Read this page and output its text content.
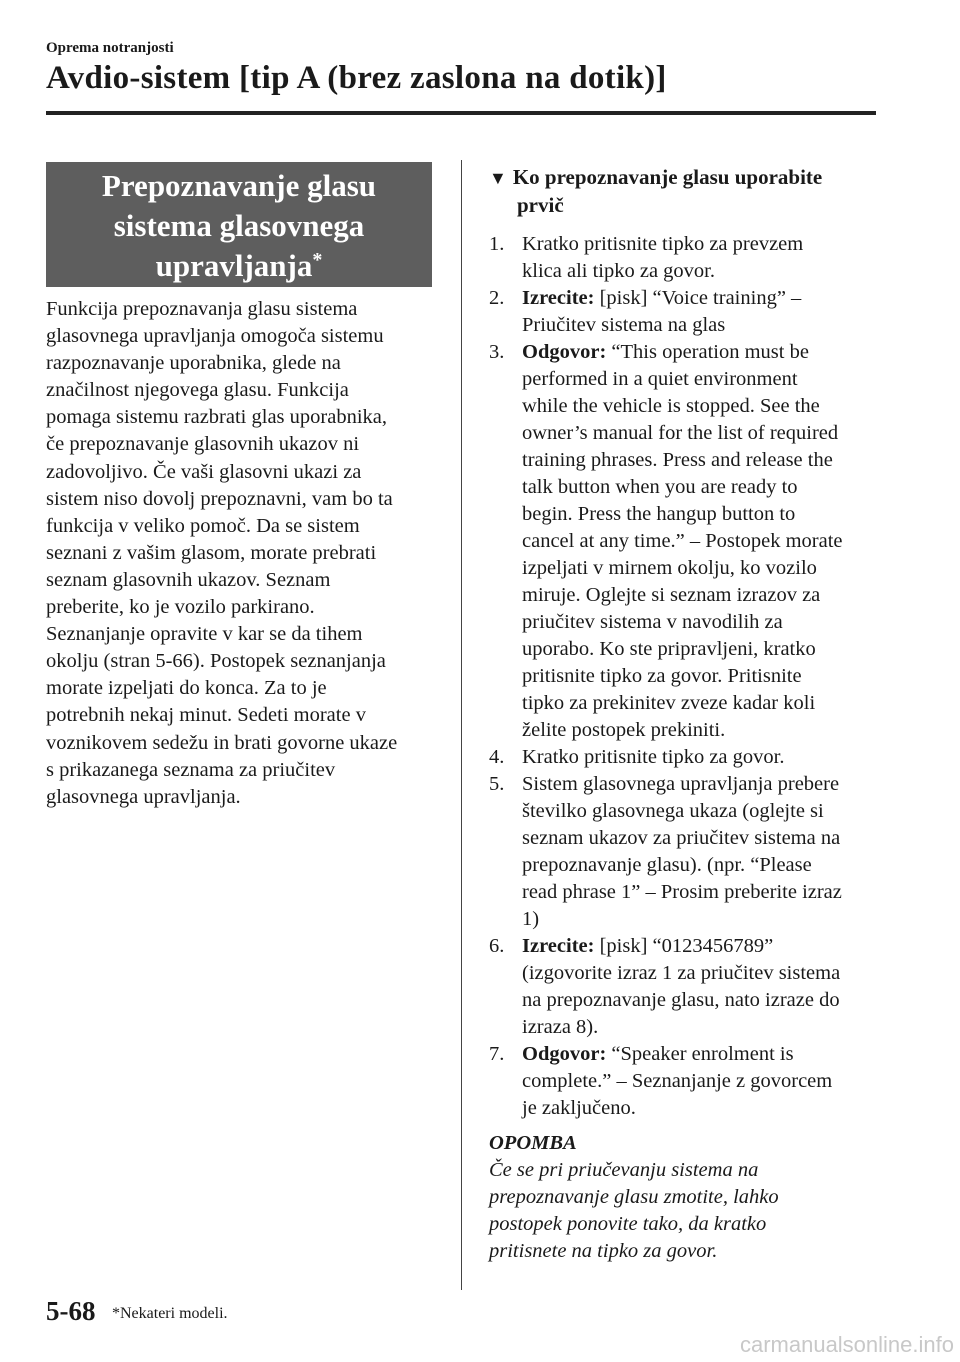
Oprema notranjosti
Avdio-sistem [tip A (brez zaslona na dotik)]
Prepoznavanje glasu
sistema glasovnega
upravljanja*
Funkcija prepoznavanja glasu sistema
glasovnega upravljanja omogoča sistemu
razpoznavanje uporabnika, glede na
značilnost njegovega glasu. Funkcija
pomaga sistemu razbrati glas uporabnika,
če prepoznavanje glasovnih ukazov ni
zadovoljivo. Če vaši glasovni ukazi za
sistem niso dovolj prepoznavni, vam bo ta
funkcija v veliko pomoč. Da se sistem
seznani z vašim glasom, morate prebrati
seznam glasovnih ukazov. Seznam
preberite, ko je vozilo parkirano.
Seznanjanje opravite v kar se da tihem
okolju (stran 5-66). Postopek seznanjanja
morate izpeljati do konca. Za to je
potrebnih nekaj minut. Sedeti morate v
voznikovem sedežu in brati govorne ukaze
s prikazanega seznama za priučitev
glasovnega upravljanja.
▼ Ko prepoznavanje glasu uporabite
prvič
1. Kratko pritisnite tipko za prevzem
klica ali tipko za govor.
2. Izrecite: [pisk] “Voice training” –
Priučitev sistema na glas
3. Odgovor: “This operation must be
performed in a quiet environment
while the vehicle is stopped. See the
owner’s manual for the list of required
training phrases. Press and release the
talk button when you are ready to
begin. Press the hangup button to
cancel at any time.” – Postopek morate
izpeljati v mirnem okolju, ko vozilo
miruje. Oglejte si seznam izrazov za
priučitev sistema v navodilih za
uporabo. Ko ste pripravljeni, kratko
pritisnite tipko za govor. Pritisnite
tipko za prekinitev zveze kadar koli
želite postopek prekiniti.
4. Kratko pritisnite tipko za govor.
5. Sistem glasovnega upravljanja prebere
številko glasovnega ukaza (oglejte si
seznam ukazov za priučitev sistema na
prepoznavanje glasu). (npr. “Please
read phrase 1” – Prosim preberite izraz
1)
6. Izrecite: [pisk] “0123456789”
(izgovorite izraz 1 za priučitev sistema
na prepoznavanje glasu, nato izraze do
izraza 8).
7. Odgovor: “Speaker enrolment is
complete.” – Seznanjanje z govorcem
je zaključeno.
OPOMBA
Če se pri priučevanju sistema na
prepoznavanje glasu zmotite, lahko
postopek ponovite tako, da kratko
pritisnete na tipko za govor.
5-68 *Nekateri modeli.
carmanualsonline.info
